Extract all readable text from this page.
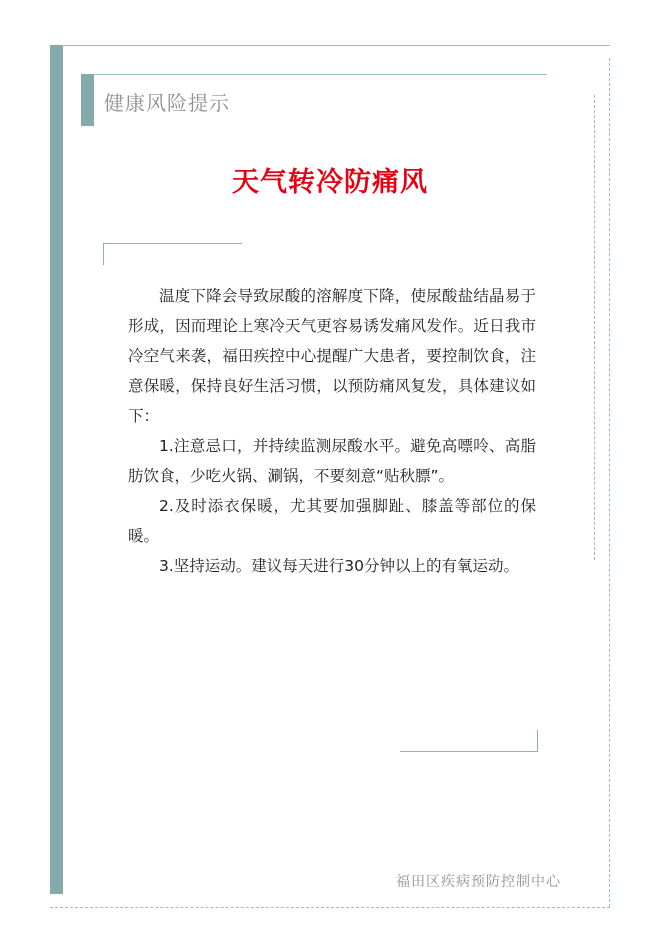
健康风险提示
天气转冷防痛风

温度下降会导致尿酸的溶解度下降，使尿酸盐结晶易于形成，因而理论上寒冷天气更容易诱发痛风发作。近日我市冷空气来袭，福田疾控中心提醒广大患者，要控制饮食，注意保暖，保持良好生活习惯，以预防痛风复发，具体建议如下：

1.注意忌口，并持续监测尿酸水平。避免高嘌呤、高脂肪饮食，少吃火锅、涮锅，不要刻意“贴秋膘”。

2.及时添衣保暖，尤其要加强脚趾、膝盖等部位的保暖。

3.坚持运动。建议每天进行30分钟以上的有氧运动。

福田区疾病预防控制中心
